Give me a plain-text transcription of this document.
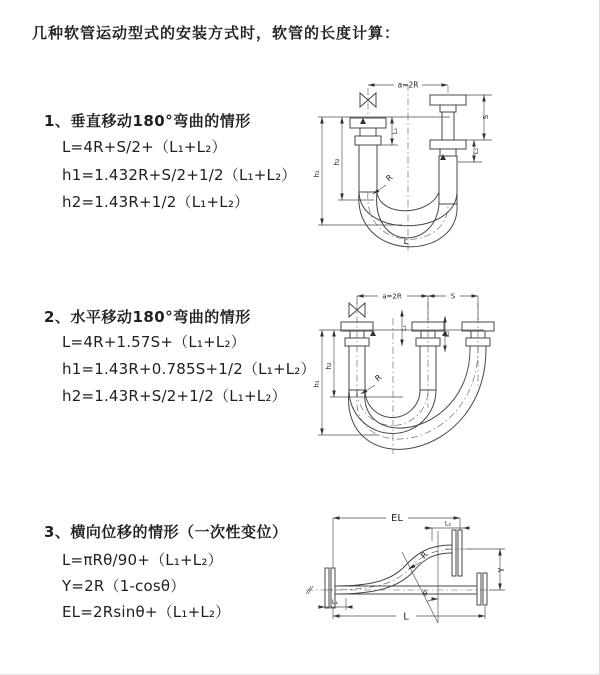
几种软管运动型式的安装方式时，软管的长度计算：
1、垂直移动180°弯曲的情形
L=4R+S/2+（L₁+L₂）
h1=1.432R+S/2+1/2（L₁+L₂）
h2=1.43R+1/2（L₁+L₂）
2、水平移动180°弯曲的情形
L=4R+1.57S+（L₁+L₂）
h1=1.43R+0.785S+1/2（L₁+L₂）
h2=1.43R+S/2+1/2（L₁+L₂）
3、横向位移的情形（一次性变位）
L=πRθ/90+（L₁+L₂）
Y=2R（1-cosθ）
EL=2Rsinθ+（L₁+L₂）
a=2R
h₁
h₂
L₁
S
L₂
R
L
a=2R	S
h₁
h₂
L₁
L₂
R
EL	L₂
θ
Y
L
L₁
R
